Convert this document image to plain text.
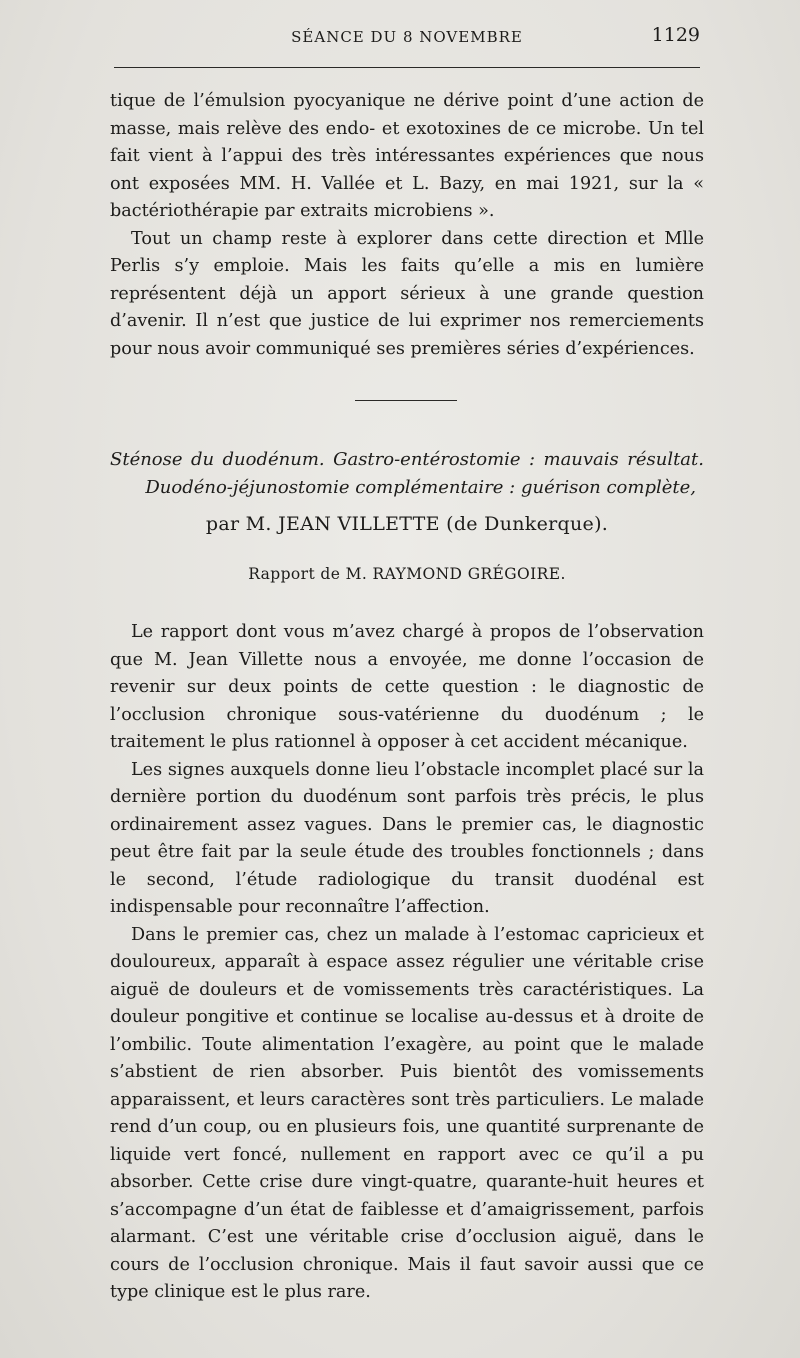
SÉANCE DU 8 NOVEMBRE	1129

tique de l’émulsion pyocyanique ne dérive point d’une action de masse, mais relève des endo- et exotoxines de ce microbe. Un tel fait vient à l’appui des très intéressantes expériences que nous ont exposées MM. H. Vallée et L. Bazy, en mai 1921, sur la « bactériothérapie par extraits microbiens ».

Tout un champ reste à explorer dans cette direction et Mlle Perlis s’y emploie. Mais les faits qu’elle a mis en lumière représentent déjà un apport sérieux à une grande question d’avenir. Il n’est que justice de lui exprimer nos remerciements pour nous avoir communiqué ses premières séries d’expériences.

Sténose du duodénum. Gastro-entérostomie : mauvais résultat.
Duodéno-jéjunostomie complémentaire : guérison complète,
par M. JEAN VILLETTE (de Dunkerque).
Rapport de M. RAYMOND GRÉGOIRE.

Le rapport dont vous m’avez chargé à propos de l’observation que M. Jean Villette nous a envoyée, me donne l’occasion de revenir sur deux points de cette question : le diagnostic de l’occlusion chronique sous-vatérienne du duodénum ; le traitement le plus rationnel à opposer à cet accident mécanique.

Les signes auxquels donne lieu l’obstacle incomplet placé sur la dernière portion du duodénum sont parfois très précis, le plus ordinairement assez vagues. Dans le premier cas, le diagnostic peut être fait par la seule étude des troubles fonctionnels ; dans le second, l’étude radiologique du transit duodénal est indispensable pour reconnaître l’affection.

Dans le premier cas, chez un malade à l’estomac capricieux et douloureux, apparaît à espace assez régulier une véritable crise aiguë de douleurs et de vomissements très caractéristiques. La douleur pongitive et continue se localise au-dessus et à droite de l’ombilic. Toute alimentation l’exagère, au point que le malade s’abstient de rien absorber. Puis bientôt des vomissements apparaissent, et leurs caractères sont très particuliers. Le malade rend d’un coup, ou en plusieurs fois, une quantité surprenante de liquide vert foncé, nullement en rapport avec ce qu’il a pu absorber. Cette crise dure vingt-quatre, quarante-huit heures et s’accompagne d’un état de faiblesse et d’amaigrissement, parfois alarmant. C’est une véritable crise d’occlusion aiguë, dans le cours de l’occlusion chronique. Mais il faut savoir aussi que ce type clinique est le plus rare.
